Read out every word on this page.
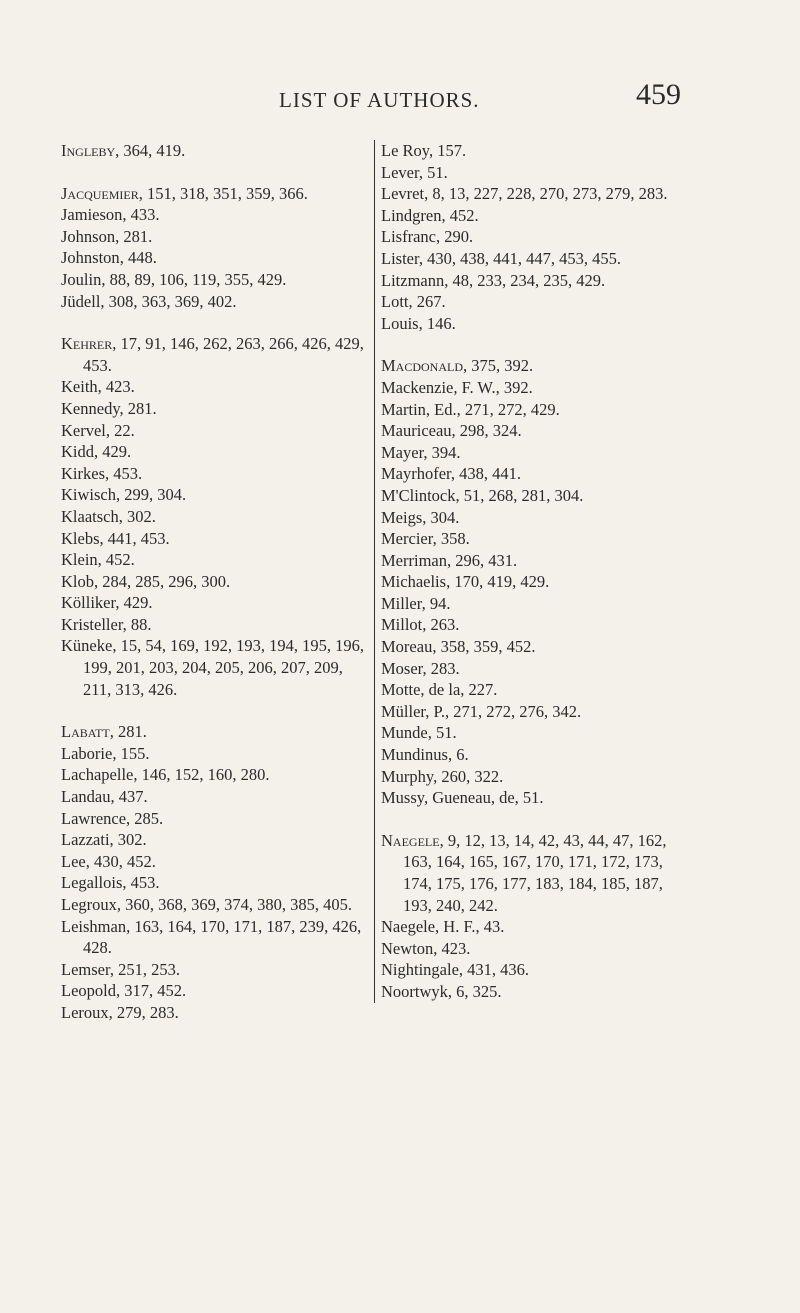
LIST OF AUTHORS.	459
Ingleby, 364, 419.
Jacquemier, 151, 318, 351, 359, 366.
Jamieson, 433.
Johnson, 281.
Johnston, 448.
Joulin, 88, 89, 106, 119, 355, 429.
Jüdell, 308, 363, 369, 402.
Kehrer, 17, 91, 146, 262, 263, 266, 426, 429, 453.
Keith, 423.
Kennedy, 281.
Kervel, 22.
Kidd, 429.
Kirkes, 453.
Kiwisch, 299, 304.
Klaatsch, 302.
Klebs, 441, 453.
Klein, 452.
Klob, 284, 285, 296, 300.
Kölliker, 429.
Kristeller, 88.
Küneke, 15, 54, 169, 192, 193, 194, 195, 196, 199, 201, 203, 204, 205, 206, 207, 209, 211, 313, 426.
Labatt, 281.
Laborie, 155.
Lachapelle, 146, 152, 160, 280.
Landau, 437.
Lawrence, 285.
Lazzati, 302.
Lee, 430, 452.
Legallois, 453.
Legroux, 360, 368, 369, 374, 380, 385, 405.
Leishman, 163, 164, 170, 171, 187, 239, 426, 428.
Lemser, 251, 253.
Leopold, 317, 452.
Leroux, 279, 283.
Le Roy, 157.
Lever, 51.
Levret, 8, 13, 227, 228, 270, 273, 279, 283.
Lindgren, 452.
Lisfranc, 290.
Lister, 430, 438, 441, 447, 453, 455.
Litzmann, 48, 233, 234, 235, 429.
Lott, 267.
Louis, 146.
Macdonald, 375, 392.
Mackenzie, F. W., 392.
Martin, Ed., 271, 272, 429.
Mauriceau, 298, 324.
Mayer, 394.
Mayrhofer, 438, 441.
M'Clintock, 51, 268, 281, 304.
Meigs, 304.
Mercier, 358.
Merriman, 296, 431.
Michaelis, 170, 419, 429.
Miller, 94.
Millot, 263.
Moreau, 358, 359, 452.
Moser, 283.
Motte, de la, 227.
Müller, P., 271, 272, 276, 342.
Munde, 51.
Mundinus, 6.
Murphy, 260, 322.
Mussy, Gueneau, de, 51.
Naegele, 9, 12, 13, 14, 42, 43, 44, 47, 162, 163, 164, 165, 167, 170, 171, 172, 173, 174, 175, 176, 177, 183, 184, 185, 187, 193, 240, 242.
Naegele, H. F., 43.
Newton, 423.
Nightingale, 431, 436.
Noortwyk, 6, 325.
